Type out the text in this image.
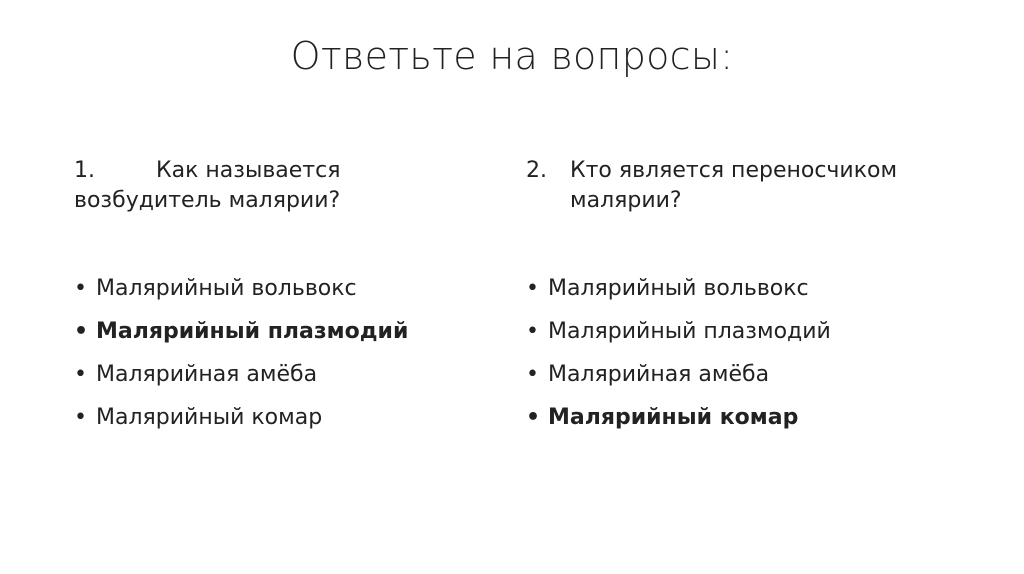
Ответьте на вопросы:

1.	Как называется
возбудитель малярии?

• Малярийный вольвокс
• Малярийный плазмодий
• Малярийная амёба
• Малярийный комар

2. Кто является переносчиком
малярии?

• Малярийный вольвокс
• Малярийный плазмодий
• Малярийная амёба
• Малярийный комар
